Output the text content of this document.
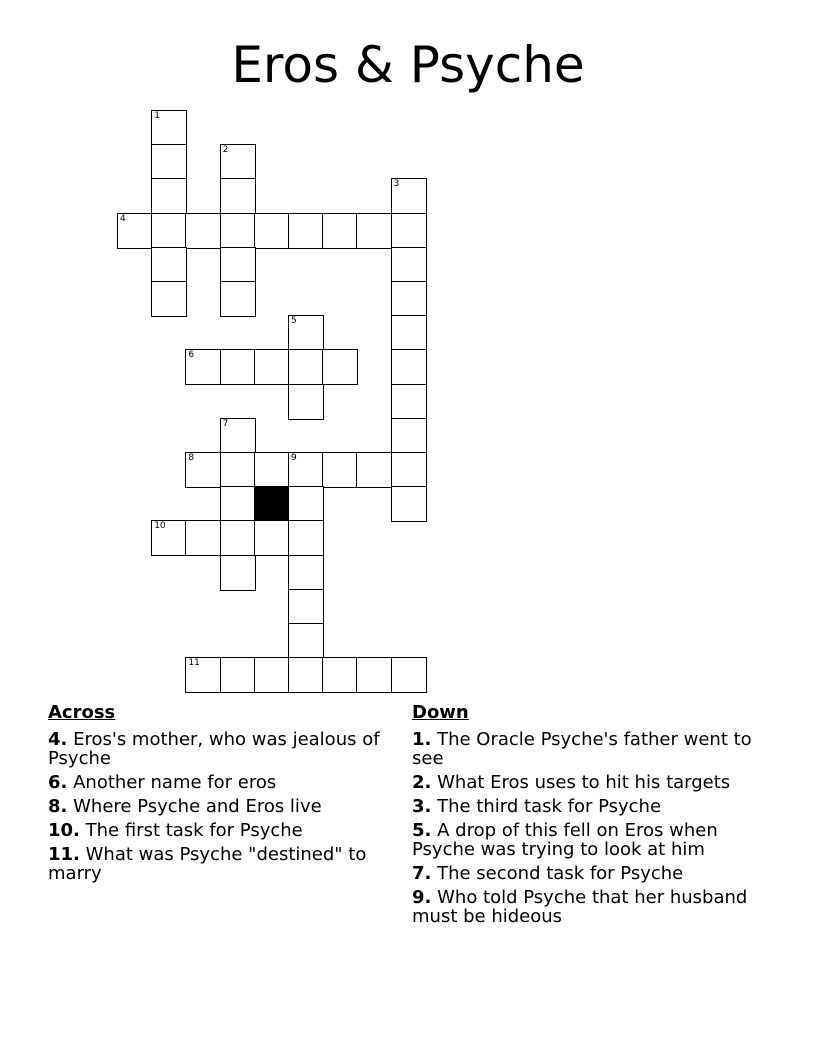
Eros & Psyche
1
2
3
4
5
6
7
8	9
10
11
Across
4. Eros's mother, who was jealous of Psyche
6. Another name for eros
8. Where Psyche and Eros live
10. The first task for Psyche
11. What was Psyche "destined" to marry
Down
1. The Oracle Psyche's father went to see
2. What Eros uses to hit his targets
3. The third task for Psyche
5. A drop of this fell on Eros when Psyche was trying to look at him
7. The second task for Psyche
9. Who told Psyche that her husband must be hideous
